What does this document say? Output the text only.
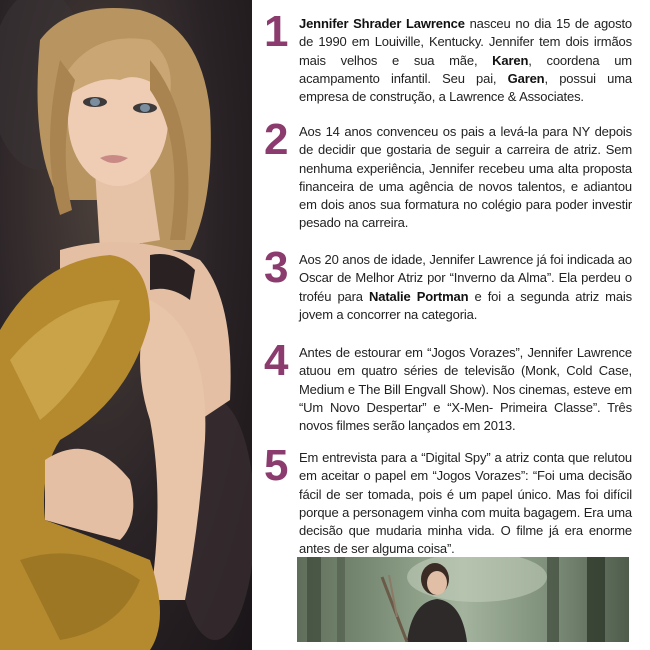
1 Jennifer Shrader Lawrence nasceu no dia 15 de agosto de 1990 em Louiville, Kentucky. Jennifer tem dois irmãos mais velhos e sua mãe, Karen, coordena um acampamento infantil. Seu pai, Garen, possui uma empresa de construção, a Lawrence & Associates.
2 Aos 14 anos convenceu os pais a levá-la para NY depois de decidir que gostaria de seguir a carreira de atriz. Sem nenhuma experiência, Jennifer recebeu uma alta proposta financeira de uma agência de novos talentos, e adiantou em dois anos sua formatura no colégio para poder investir pesado na carreira.
3 Aos 20 anos de idade, Jennifer Lawrence já foi indicada ao Oscar de Melhor Atriz por “Inverno da Alma”. Ela perdeu o troféu para Natalie Portman e foi a segunda atriz mais jovem a concorrer na categoria.
4 Antes de estourar em “Jogos Vorazes”, Jennifer Lawrence atuou em quatro séries de televisão (Monk, Cold Case, Medium e The Bill Engvall Show). Nos cinemas, esteve em “Um Novo Despertar” e “X-Men- Primeira Classe”. Três novos filmes serão lançados em 2013.
5 Em entrevista para a “Digital Spy” a atriz conta que relutou em aceitar o papel em “Jogos Vorazes”: “Foi uma decisão fácil de ser tomada, pois é um papel único. Mas foi difícil porque a personagem vinha com muita bagagem. Era uma decisão que mudaria minha vida. O filme já era enorme antes de ser alguma coisa”.
